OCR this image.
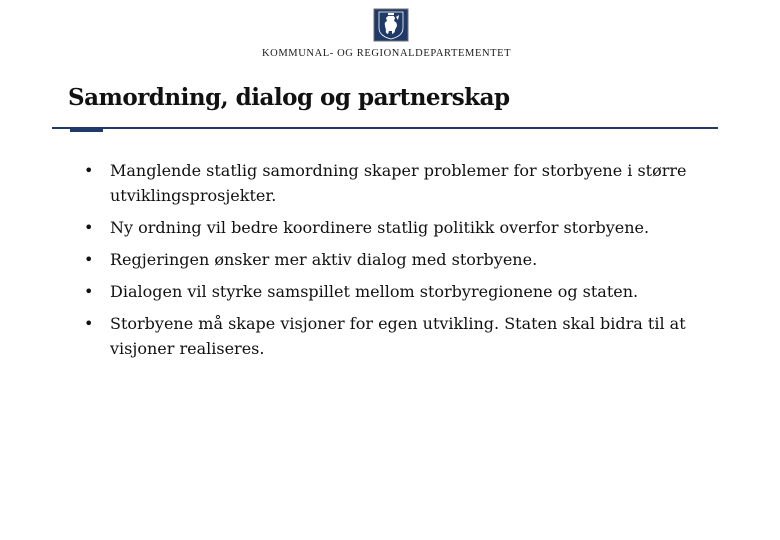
KOMMUNAL- OG REGIONALDEPARTEMENTET
Samordning, dialog og partnerskap
• Manglende statlig samordning skaper problemer for storbyene i større utviklingsprosjekter.
• Ny ordning vil bedre koordinere statlig politikk overfor storbyene.
• Regjeringen ønsker mer aktiv dialog med storbyene.
• Dialogen vil styrke samspillet mellom storbyregionene og staten.
• Storbyene må skape visjoner for egen utvikling. Staten skal bidra til at visjoner realiseres.
